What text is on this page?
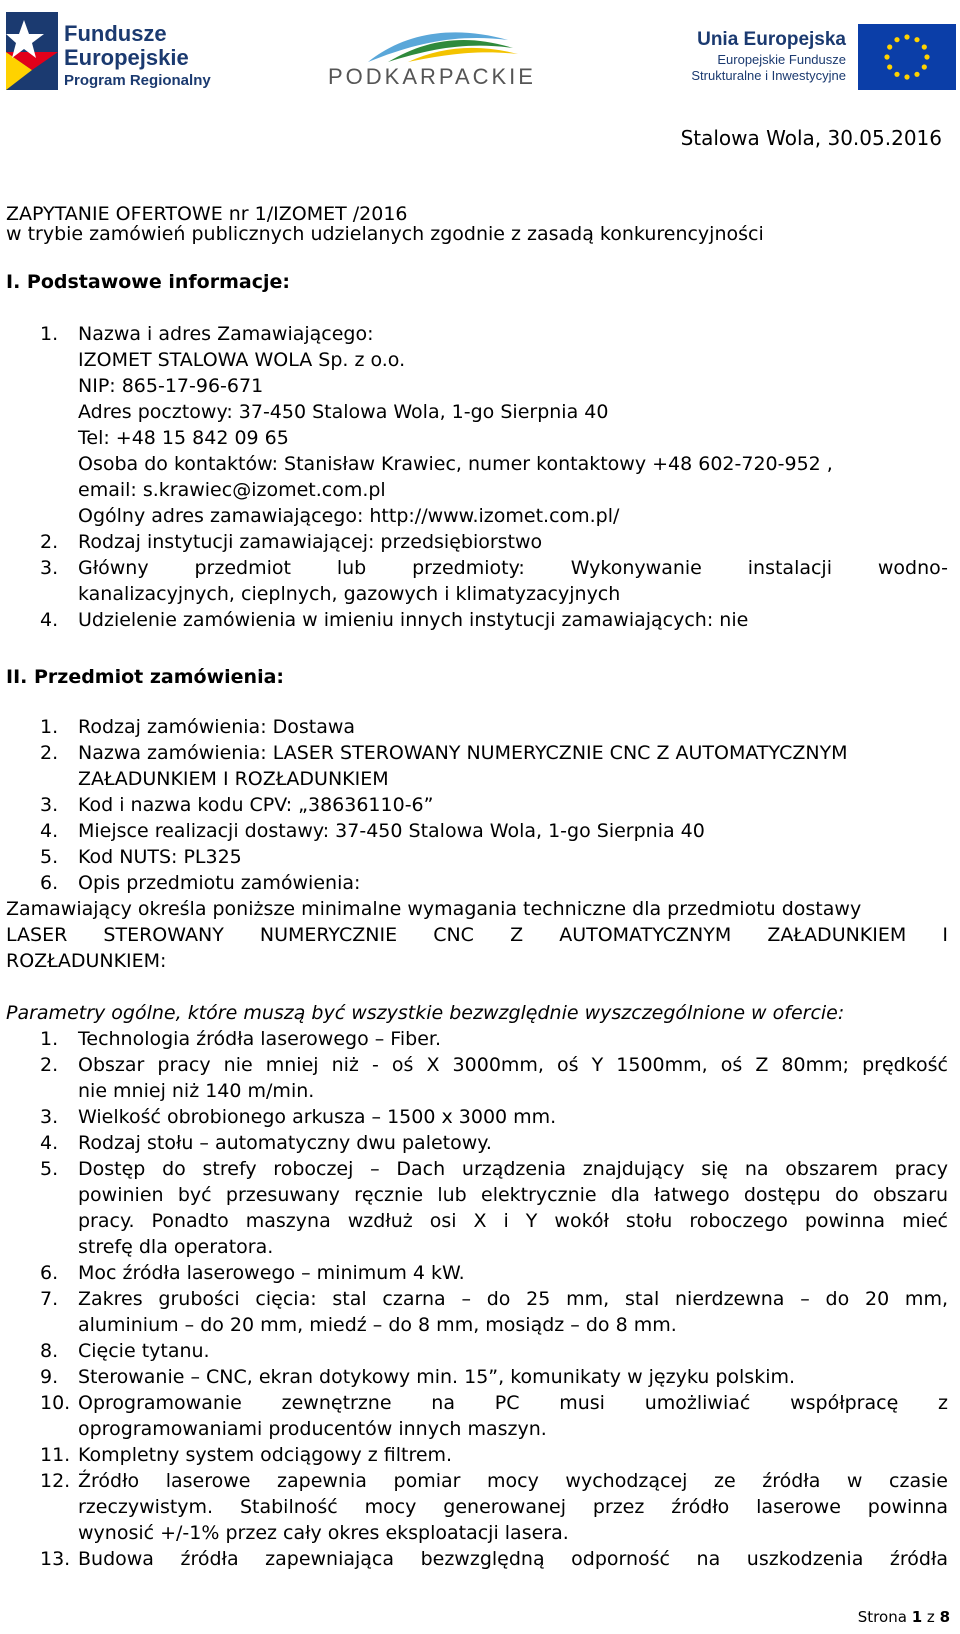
Fundusze
Europejskie
Program Regionalny	PODKARPACKIE
Unia Europejska
Europejskie Fundusze
Strukturalne i Inwestycyjne
Stalowa Wola, 30.05.2016
ZAPYTANIE OFERTOWE nr 1/IZOMET /2016
w trybie zamówień publicznych udzielanych zgodnie z zasadą konkurencyjności
I. Podstawowe informacje:
1. Nazwa i adres Zamawiającego:
IZOMET STALOWA WOLA Sp. z o.o.
NIP: 865-17-96-671
Adres pocztowy: 37-450 Stalowa Wola, 1-go Sierpnia 40
Tel: +48 15 842 09 65
Osoba do kontaktów: Stanisław Krawiec, numer kontaktowy +48 602-720-952 ,
email: s.krawiec@izomet.com.pl
Ogólny adres zamawiającego: http://www.izomet.com.pl/
2. Rodzaj instytucji zamawiającej: przedsiębiorstwo
3. Główny przedmiot lub przedmioty: Wykonywanie instalacji wodno-
kanalizacyjnych, cieplnych, gazowych i klimatyzacyjnych
4. Udzielenie zamówienia w imieniu innych instytucji zamawiających: nie
II. Przedmiot zamówienia:
1. Rodzaj zamówienia: Dostawa
2. Nazwa zamówienia: LASER STEROWANY NUMERYCZNIE CNC Z AUTOMATYCZNYM
ZAŁADUNKIEM I ROZŁADUNKIEM
3. Kod i nazwa kodu CPV: „38636110-6”
4. Miejsce realizacji dostawy: 37-450 Stalowa Wola, 1-go Sierpnia 40
5. Kod NUTS: PL325
6. Opis przedmiotu zamówienia:
Zamawiający określa poniższe minimalne wymagania techniczne dla przedmiotu dostawy
LASER STEROWANY NUMERYCZNIE CNC Z AUTOMATYCZNYM ZAŁADUNKIEM I
ROZŁADUNKIEM:
Parametry ogólne, które muszą być wszystkie bezwzględnie wyszczególnione w ofercie:
1. Technologia źródła laserowego – Fiber.
2. Obszar pracy nie mniej niż - oś X 3000mm, oś Y 1500mm, oś Z 80mm; prędkość
nie mniej niż 140 m/min.
3. Wielkość obrobionego arkusza – 1500 x 3000 mm.
4. Rodzaj stołu – automatyczny dwu paletowy.
5. Dostęp do strefy roboczej – Dach urządzenia znajdujący się na obszarem pracy
powinien być przesuwany ręcznie lub elektrycznie dla łatwego dostępu do obszaru
pracy. Ponadto maszyna wzdłuż osi X i Y wokół stołu roboczego powinna mieć
strefę dla operatora.
6. Moc źródła laserowego – minimum 4 kW.
7. Zakres grubości cięcia: stal czarna – do 25 mm, stal nierdzewna – do 20 mm,
aluminium – do 20 mm, miedź – do 8 mm, mosiądz – do 8 mm.
8. Cięcie tytanu.
9. Sterowanie – CNC, ekran dotykowy min. 15”, komunikaty w języku polskim.
10. Oprogramowanie zewnętrzne na PC musi umożliwiać współpracę z
oprogramowaniami producentów innych maszyn.
11. Kompletny system odciągowy z filtrem.
12. Źródło laserowe zapewnia pomiar mocy wychodzącej ze źródła w czasie
rzeczywistym. Stabilność mocy generowanej przez źródło laserowe powinna
wynosić +/-1% przez cały okres eksploatacji lasera.
13. Budowa źródła zapewniająca bezwzględną odporność na uszkodzenia źródła
Strona 1 z 8
